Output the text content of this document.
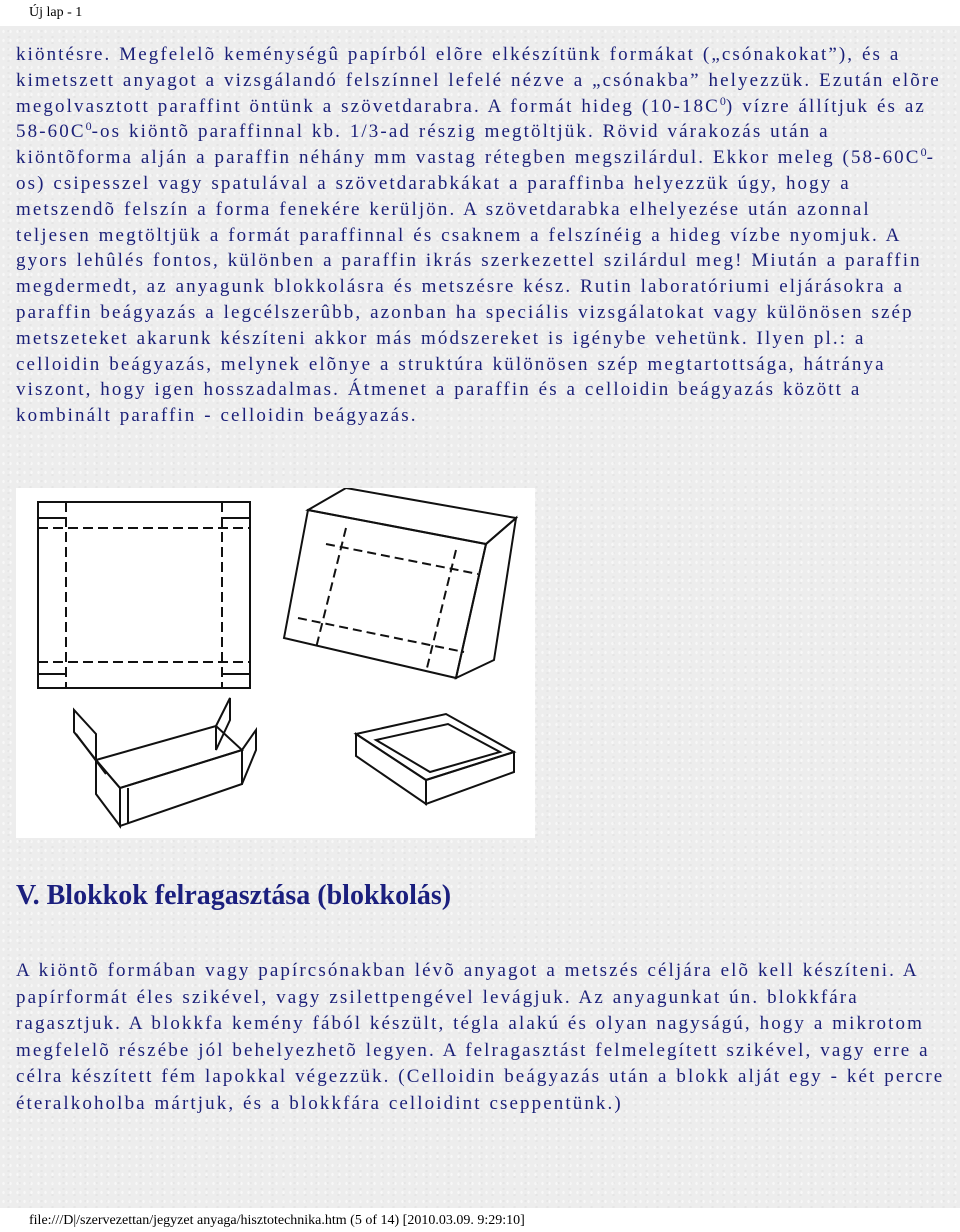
Új lap - 1

kiöntésre. Megfelelõ keménységû papírból elõre elkészítünk formákat („csónakokat”), és a kimetszett anyagot a vizsgálandó felszínnel lefelé nézve a „csónakba” helyezzük. Ezután elõre megolvasztott paraffint öntünk a szövetdarabra. A formát hideg $(10-18C^0)$ vízre állítjuk és az $58-60C^0-os$ kiöntõ paraffinnal kb. 1/3-ad részig megtöltjük. Rövid várakozás után a kiöntõforma alján a paraffin néhány mm vastag rétegben megszilárdul. Ekkor meleg $(58-60C^0-os)$ csipesszel vagy spatulával a szövetdarabkákat a paraffinba helyezzük úgy, hogy a metszendõ felszín a forma fenekére kerüljön. A szövetdarabka elhelyezése után azonnal teljesen megtöltjük a formát paraffinnal és csaknem a felszínéig a hideg vízbe nyomjuk. A gyors lehûlés fontos, különben a paraffin ikrás szerkezettel szilárdul meg! Miután a paraffin megdermedt, az anyagunk blokkolásra és metszésre kész. Rutin laboratóriumi eljárásokra a paraffin beágyazás a legcélszerûbb, azonban ha speciális vizsgálatokat vagy különösen szép metszeteket akarunk készíteni akkor más módszereket is igénybe vehetünk. Ilyen pl.: a celloidin beágyazás, melynek elõnye a struktúra különösen szép megtartottsága, hátránya viszont, hogy igen hosszadalmas. Átmenet a paraffin és a celloidin beágyazás között a kombinált paraffin - celloidin beágyazás.

V. Blokkok felragasztása (blokkolás)

A kiöntõ formában vagy papírcsónakban lévõ anyagot a metszés céljára elõ kell készíteni. A papírformát éles szikével, vagy zsilettpengével levágjuk. Az anyagunkat ún. blokkfára ragasztjuk. A blokkfa kemény fából készült, tégla alakú és olyan nagyságú, hogy a mikrotom megfelelõ részébe jól behelyezhetõ legyen. A felragasztást felmelegített szikével, vagy erre a célra készített fém lapokkal végezzük. (Celloidin beágyazás után a blokk alját egy - két percre éteralkoholba mártjuk, és a blokkfára celloidint cseppentünk.)

file:///D|/szervezettan/jegyzet anyaga/hisztotechnika.htm (5 of 14) [2010.03.09. 9:29:10]
